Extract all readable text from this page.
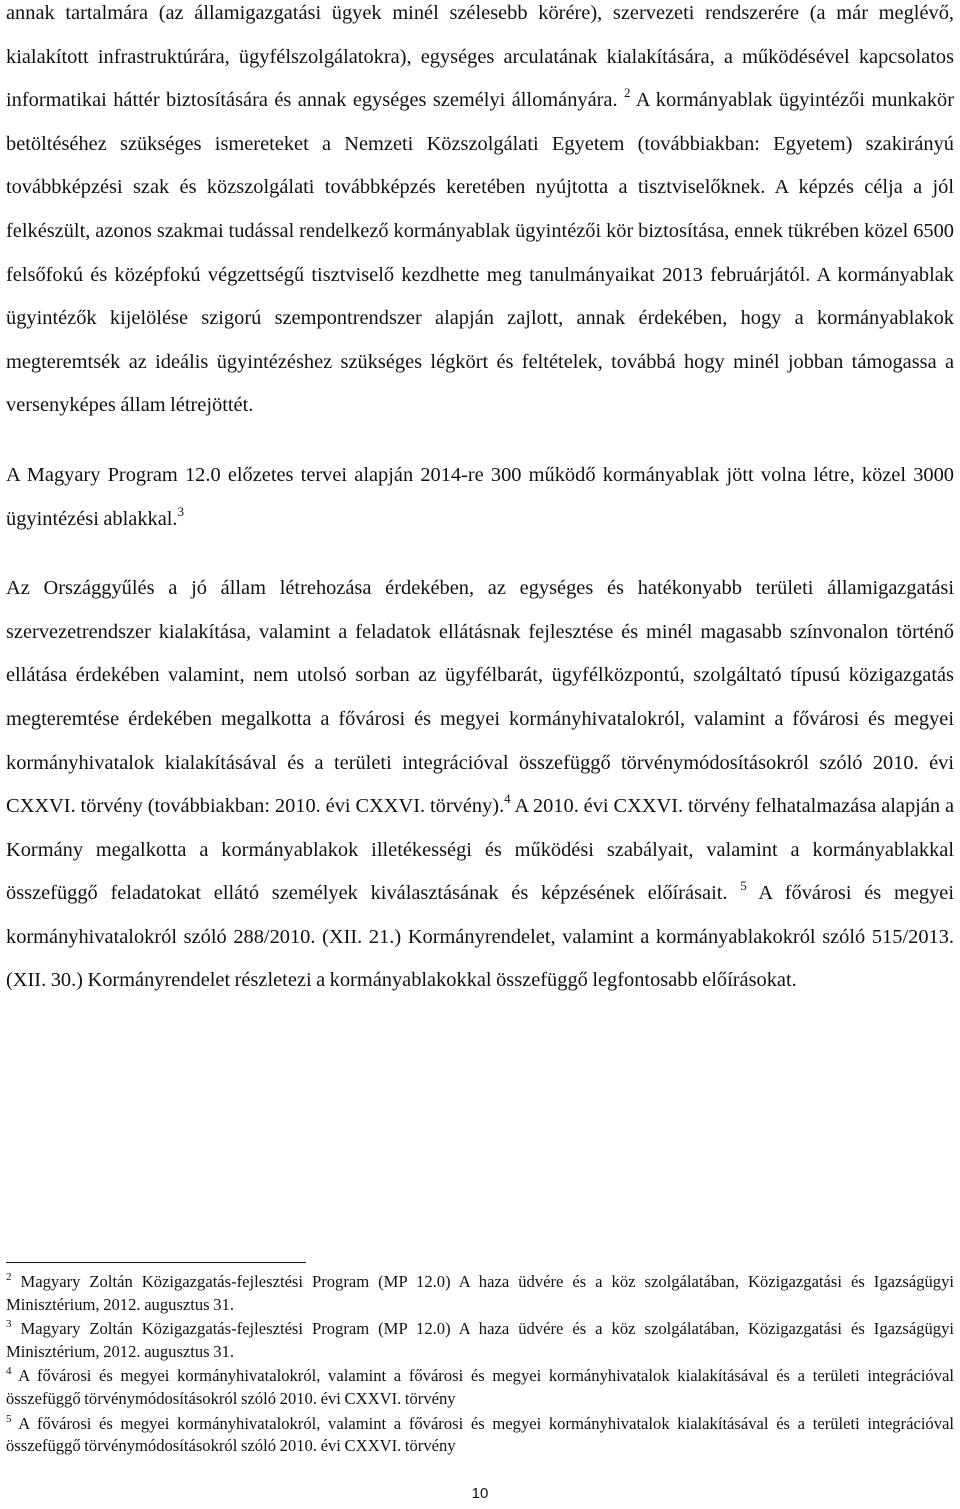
annak tartalmára (az államigazgatási ügyek minél szélesebb körére), szervezeti rendszerére (a már meglévő, kialakított infrastruktúrára, ügyfélszolgálatokra), egységes arculatának kialakítására, a működésével kapcsolatos informatikai háttér biztosítására és annak egységes személyi állományára. $^2$ A kormányablak ügyintézői munkakör betöltéséhez szükséges ismereteket a Nemzeti Közszolgálati Egyetem (továbbiakban: Egyetem) szakirányú továbbképzési szak és közszolgálati továbbképzés keretében nyújtotta a tisztviselőknek. A képzés célja a jól felkészült, azonos szakmai tudással rendelkező kormányablak ügyintézői kör biztosítása, ennek tükrében közel 6500 felsőfokú és középfokú végzettségű tisztviselő kezdhette meg tanulmányaikat 2013 februárjától. A kormányablak ügyintézők kijelölése szigorú szempontrendszer alapján zajlott, annak érdekében, hogy a kormányablakok megteremtsék az ideális ügyintézéshez szükséges légkört és feltételek, továbbá hogy minél jobban támogassa a versenyképes állam létrejöttét.

A Magyary Program 12.0 előzetes tervei alapján 2014-re 300 működő kormányablak jött volna létre, közel 3000 ügyintézési ablakkal.$^3$

Az Országgyűlés a jó állam létrehozása érdekében, az egységes és hatékonyabb területi államigazgatási szervezetrendszer kialakítása, valamint a feladatok ellátásnak fejlesztése és minél magasabb színvonalon történő ellátása érdekében valamint, nem utolsó sorban az ügyfélbarát, ügyfélközpontú, szolgáltató típusú közigazgatás megteremtése érdekében megalkotta a fővárosi és megyei kormányhivatalokról, valamint a fővárosi és megyei kormányhivatalok kialakításával és a területi integrációval összefüggő törvénymódosításokról szóló 2010. évi CXXVI. törvény (továbbiakban: 2010. évi CXXVI. törvény).$^4$ A 2010. évi CXXVI. törvény felhatalmazása alapján a Kormány megalkotta a kormányablakok illetékességi és működési szabályait, valamint a kormányablakkal összefüggő feladatokat ellátó személyek kiválasztásának és képzésének előírásait. $^5$ A fővárosi és megyei kormányhivatalokról szóló 288/2010. (XII. 21.) Kormányrendelet, valamint a kormányablakokról szóló 515/2013. (XII. 30.) Kormányrendelet részletezi a kormányablakokkal összefüggő legfontosabb előírásokat.

$^2$ Magyary Zoltán Közigazgatás-fejlesztési Program (MP 12.0) A haza üdvére és a köz szolgálatában, Közigazgatási és Igazságügyi Minisztérium, 2012. augusztus 31.

$^3$ Magyary Zoltán Közigazgatás-fejlesztési Program (MP 12.0) A haza üdvére és a köz szolgálatában, Közigazgatási és Igazságügyi Minisztérium, 2012. augusztus 31.

$^4$ A fővárosi és megyei kormányhivatalokról, valamint a fővárosi és megyei kormányhivatalok kialakításával és a területi integrációval összefüggő törvénymódosításokról szóló 2010. évi CXXVI. törvény

$^5$ A fővárosi és megyei kormányhivatalokról, valamint a fővárosi és megyei kormányhivatalok kialakításával és a területi integrációval összefüggő törvénymódosításokról szóló 2010. évi CXXVI. törvény

10
